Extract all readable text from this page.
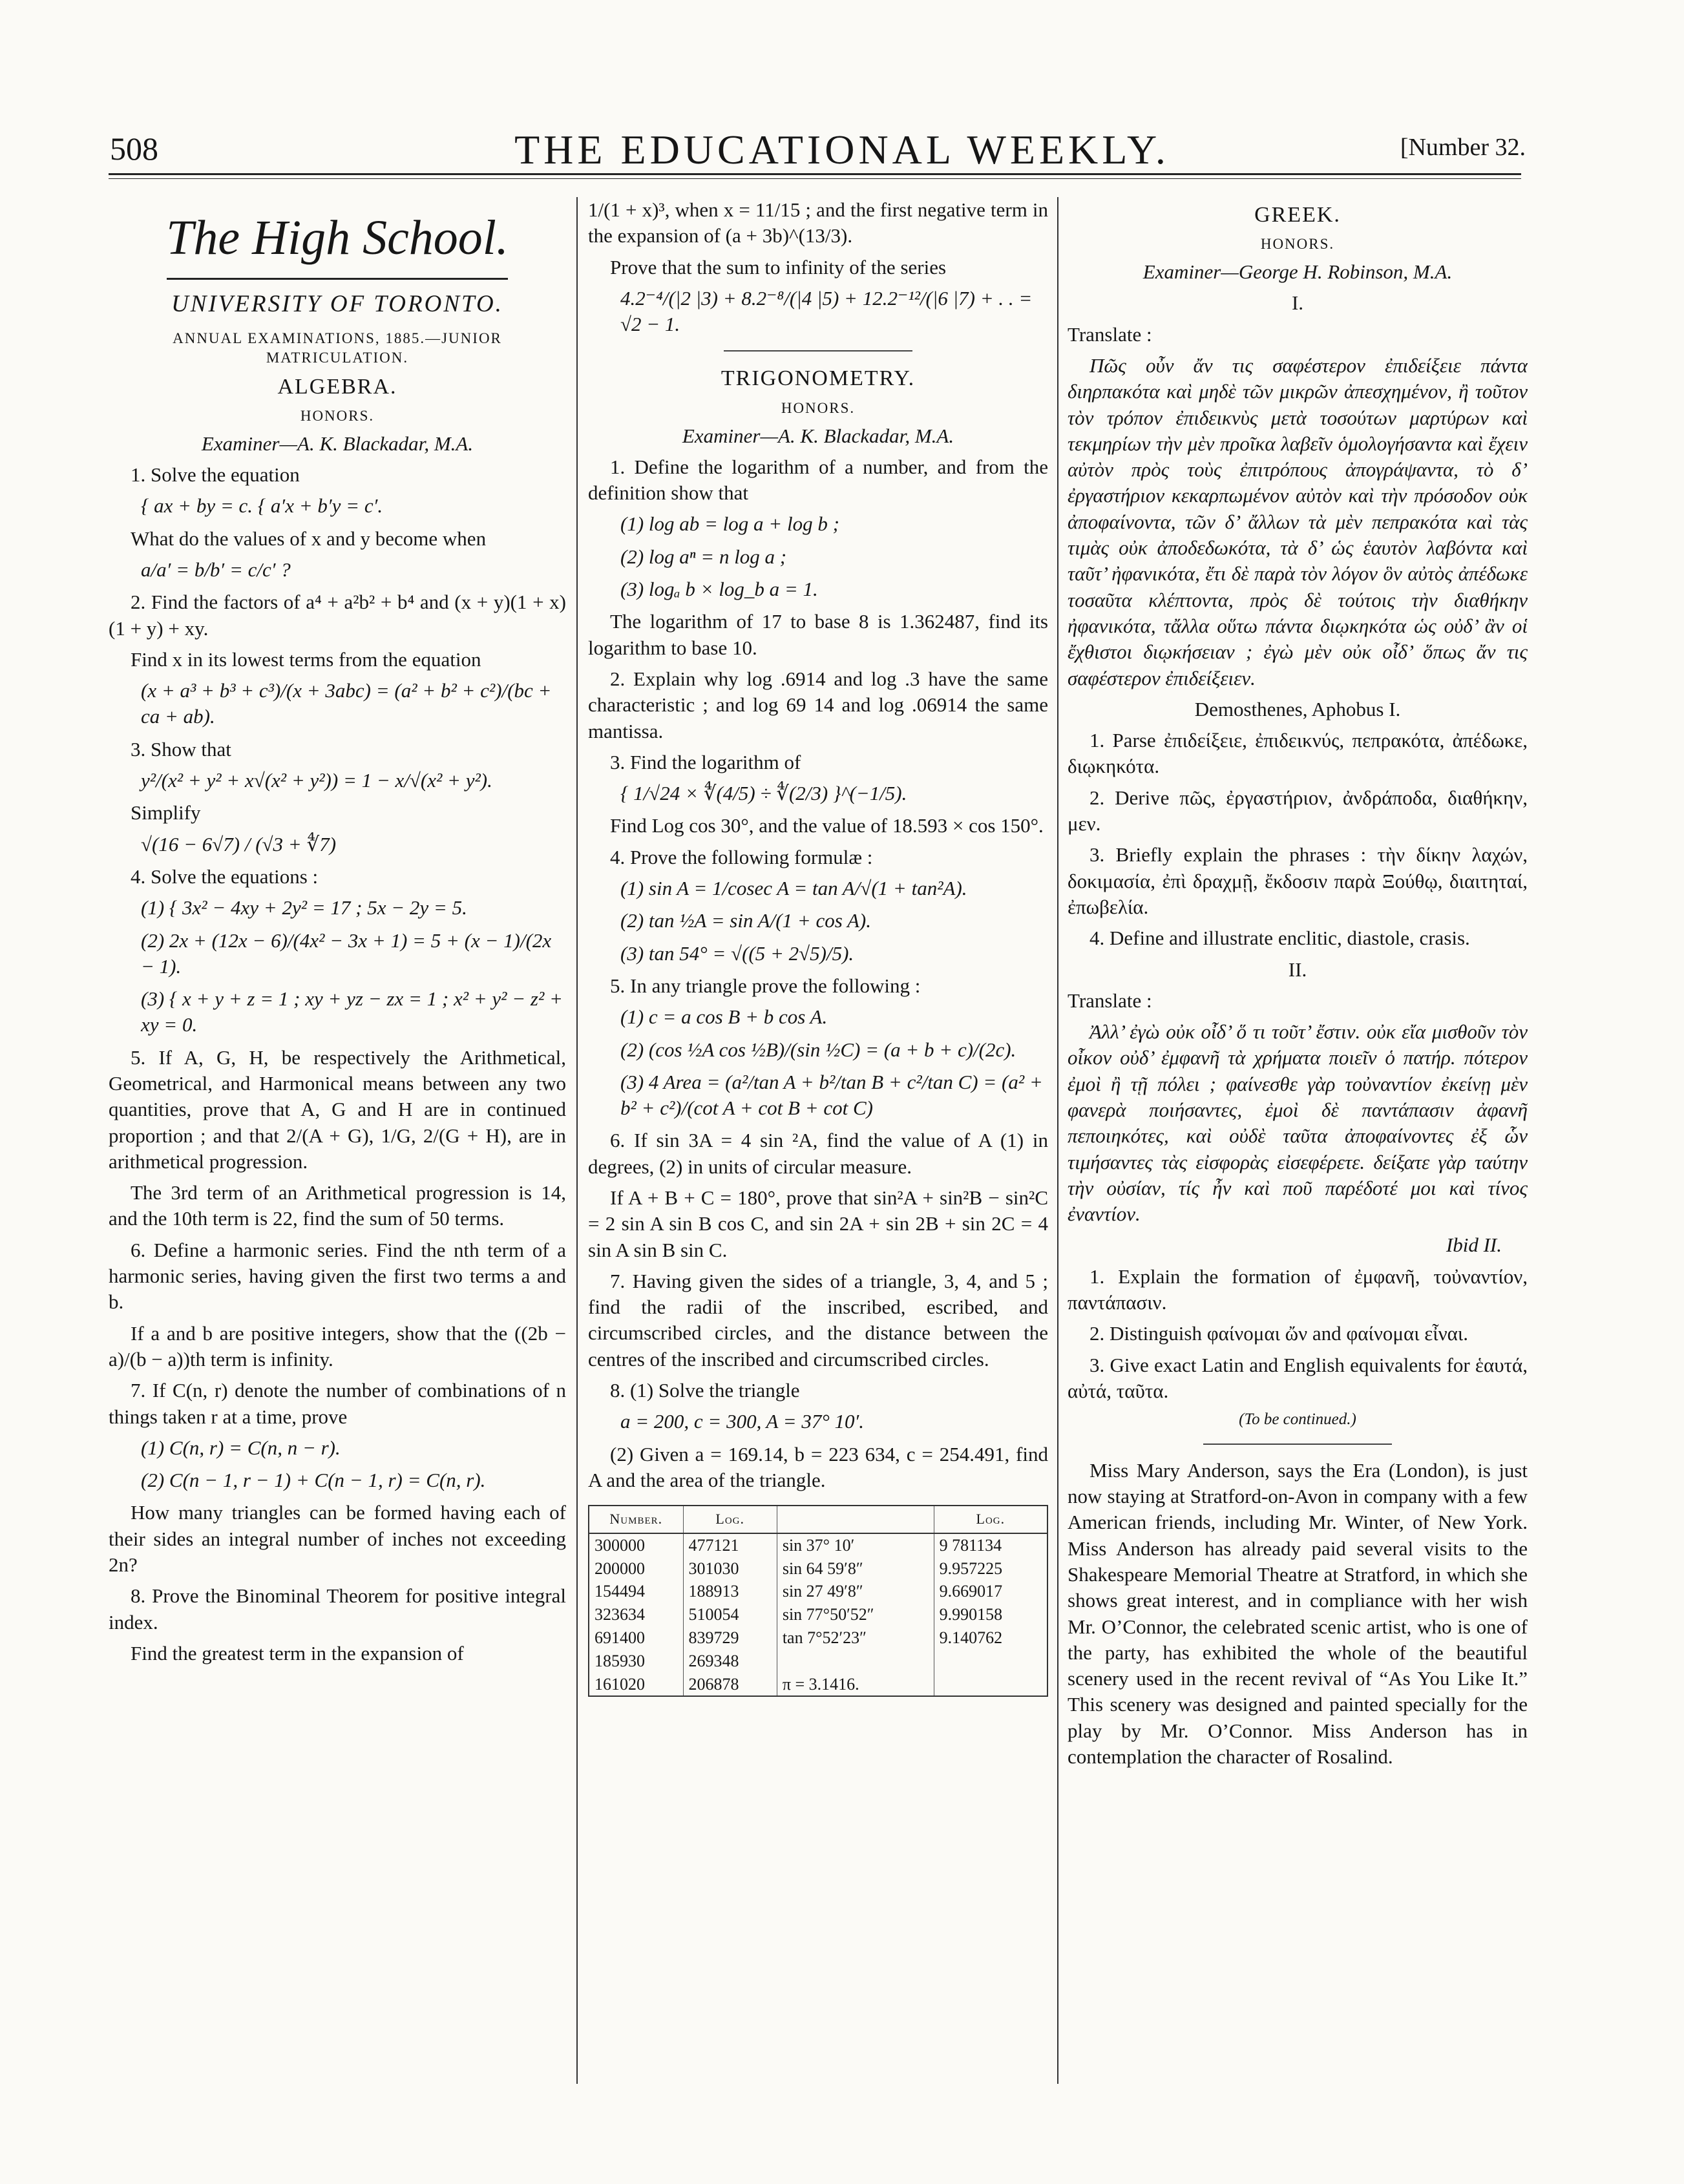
508	THE EDUCATIONAL WEEKLY.	[Number 32.
The High School.
UNIVERSITY OF TORONTO.

ANNUAL EXAMINATIONS, 1885.—JUNIOR MATRICULATION.

ALGEBRA.

HONORS.

Examiner—A. K. Blackadar, M.A.

1. Solve the equation

{ ax + by = c. { a′x + b′y = c′.

What do the values of x and y become when

a/a′ = b/b′ = c/c′ ?

2. Find the factors of a⁴ + a²b² + b⁴ and (x + y)(1 + x)(1 + y) + xy.

Find x in its lowest terms from the equation

(x + a³ + b³ + c³)/(x + 3abc) = (a² + b² + c²)/(bc + ca + ab).

3. Show that

y²/(x² + y² + x√(x² + y²)) = 1 − x/√(x² + y²).

Simplify

√(16 − 6√7) / (√3 + ∜7)

4. Solve the equations :

(1) { 3x² − 4xy + 2y² = 17 ; 5x − 2y = 5.

(2) 2x + (12x − 6)/(4x² − 3x + 1) = 5 + (x − 1)/(2x − 1).

(3) { x + y + z = 1 ; xy + yz − zx = 1 ; x² + y² − z² + xy = 0.

5. If A, G, H, be respectively the Arithmetical, Geometrical, and Harmonical means between any two quantities, prove that A, G and H are in continued proportion ; and that 2/(A + G), 1/G, 2/(G + H), are in arithmetical progression.

The 3rd term of an Arithmetical progression is 14, and the 10th term is 22, find the sum of 50 terms.

6. Define a harmonic series. Find the nth term of a harmonic series, having given the first two terms a and b.

If a and b are positive integers, show that the ((2b − a)/(b − a))th term is infinity.

7. If C(n, r) denote the number of combinations of n things taken r at a time, prove

(1) C(n, r) = C(n, n − r).

(2) C(n − 1, r − 1) + C(n − 1, r) = C(n, r).

How many triangles can be formed having each of their sides an integral number of inches not exceeding 2n?

8. Prove the Binominal Theorem for positive integral index.

Find the greatest term in the expansion of

1/(1 + x)³, when x = 11/15 ; and the first negative term in the expansion of (a + 3b)^(13/3).

Prove that the sum to infinity of the series

4.2⁻⁴/(|2 |3) + 8.2⁻⁸/(|4 |5) + 12.2⁻¹²/(|6 |7) + . . = √2 − 1.

TRIGONOMETRY.

HONORS.

Examiner—A. K. Blackadar, M.A.

1. Define the logarithm of a number, and from the definition show that

(1) log ab = log a + log b ;

(2) log aⁿ = n log a ;

(3) logₐ b × log_b a = 1.

The logarithm of 17 to base 8 is 1.362487, find its logarithm to base 10.

2. Explain why log .6914 and log .3 have the same characteristic ; and log 69 14 and log .06914 the same mantissa.

3. Find the logarithm of

{ 1/√24 × ∜(4/5) ÷ ∜(2/3) }^(−1/5).

Find Log cos 30°, and the value of 18.593 × cos 150°.

4. Prove the following formulæ :

(1) sin A = 1/cosec A = tan A/√(1 + tan²A).

(2) tan ½A = sin A/(1 + cos A).

(3) tan 54° = √((5 + 2√5)/5).

5. In any triangle prove the following :

(1) c = a cos B + b cos A.

(2) (cos ½A cos ½B)/(sin ½C) = (a + b + c)/(2c).

(3) 4 Area = (a²/tan A + b²/tan B + c²/tan C) = (a² + b² + c²)/(cot A + cot B + cot C)

6. If sin 3A = 4 sin ²A, find the value of A (1) in degrees, (2) in units of circular measure.

If A + B + C = 180°, prove that sin²A + sin²B − sin²C = 2 sin A sin B cos C, and sin 2A + sin 2B + sin 2C = 4 sin A sin B sin C.

7. Having given the sides of a triangle, 3, 4, and 5 ; find the radii of the inscribed, escribed, and circumscribed circles, and the distance between the centres of the inscribed and circumscribed circles.

8. (1) Solve the triangle

a = 200, c = 300, A = 37° 10′.

(2) Given a = 169.14, b = 223 634, c = 254.491, find A and the area of the triangle.

Number.	Log.		Log.
300000	477121	sin 37° 10′	9 781134
200000	301030	sin 64 59′8″	9.957225
154494	188913	sin 27 49′8″	9.669017
323634	510054	sin 77°50′52″	9.990158
691400	839729	tan 7°52′23″	9.140762
185930	269348		
161020	206878	π = 3.1416.	

GREEK.

HONORS.

Examiner—George H. Robinson, M.A.

I.

Translate :

Πῶς οὖν ἄν τις σαφέστερον ἐπιδείξειε πάντα διηρπακότα καὶ μηδὲ τῶν μικρῶν ἀπεσχημένον, ἢ τοῦτον τὸν τρόπον ἐπιδεικνὺς μετὰ τοσούτων μαρτύρων καὶ τεκμηρίων τὴν μὲν προῖκα λαβεῖν ὁμολογήσαντα καὶ ἔχειν αὐτὸν πρὸς τοὺς ἐπιτρόπους ἀπογράψαντα, τὸ δ’ ἐργαστήριον κεκαρπωμένον αὐτὸν καὶ τὴν πρόσοδον οὐκ ἀποφαίνοντα, τῶν δ’ ἄλλων τὰ μὲν πεπρακότα καὶ τὰς τιμὰς οὐκ ἀποδεδωκότα, τὰ δ’ ὡς ἑαυτὸν λαβόντα καὶ ταῦτ’ ἠφανικότα, ἔτι δὲ παρὰ τὸν λόγον ὃν αὐτὸς ἀπέδωκε τοσαῦτα κλέπτοντα, πρὸς δὲ τούτοις τὴν διαθήκην ἠφανικότα, τἄλλα οὕτω πάντα διῳκηκότα ὡς οὐδ’ ἂν οἱ ἔχθιστοι διῳκήσειαν ; ἐγὼ μὲν οὐκ οἶδ’ ὅπως ἄν τις σαφέστερον ἐπιδείξειεν.

Demosthenes, Aphobus I.

1. Parse ἐπιδείξειε, ἐπιδεικνύς, πεπρακότα, ἀπέδωκε, διῳκηκότα.

2. Derive πῶς, ἐργαστήριον, ἀνδράποδα, διαθήκην, μεν.

3. Briefly explain the phrases : τὴν δίκην λαχών, δοκιμασία, ἐπὶ δραχμῇ, ἔκδοσιν παρὰ Ξούθῳ, διαιτηταί, ἐπωβελία.

4. Define and illustrate enclitic, diastole, crasis.

II.

Translate :

Ἀλλ’ ἐγὼ οὐκ οἶδ’ ὅ τι τοῦτ’ ἔστιν. οὐκ εἴα μισθοῦν τὸν οἶκον οὐδ’ ἐμφανῆ τὰ χρήματα ποιεῖν ὁ πατήρ. πότερον ἐμοὶ ἢ τῇ πόλει ; φαίνεσθε γὰρ τοὐναντίον ἐκείνῃ μὲν φανερὰ ποιήσαντες, ἐμοὶ δὲ παντάπασιν ἀφανῆ πεποιηκότες, καὶ οὐδὲ ταῦτα ἀποφαίνοντες ἐξ ὧν τιμήσαντες τὰς εἰσφορὰς εἰσεφέρετε. δείξατε γὰρ ταύτην τὴν οὐσίαν, τίς ἦν καὶ ποῦ παρέδοτέ μοι καὶ τίνος ἐναντίον.

Ibid II.

1. Explain the formation of ἐμφανῆ, τοὐναντίον, παντάπασιν.

2. Distinguish φαίνομαι ὤν and φαίνομαι εἶναι.

3. Give exact Latin and English equivalents for ἑαυτά, αὐτά, ταῦτα.

(To be continued.)

Miss Mary Anderson, says the Era (London), is just now staying at Stratford-on-Avon in company with a few American friends, including Mr. Winter, of New York. Miss Anderson has already paid several visits to the Shakespeare Memorial Theatre at Stratford, in which she shows great interest, and in compliance with her wish Mr. O’Connor, the celebrated scenic artist, who is one of the party, has exhibited the whole of the beautiful scenery used in the recent revival of “As You Like It.” This scenery was designed and painted specially for the play by Mr. O’Connor. Miss Anderson has in contemplation the character of Rosalind.
